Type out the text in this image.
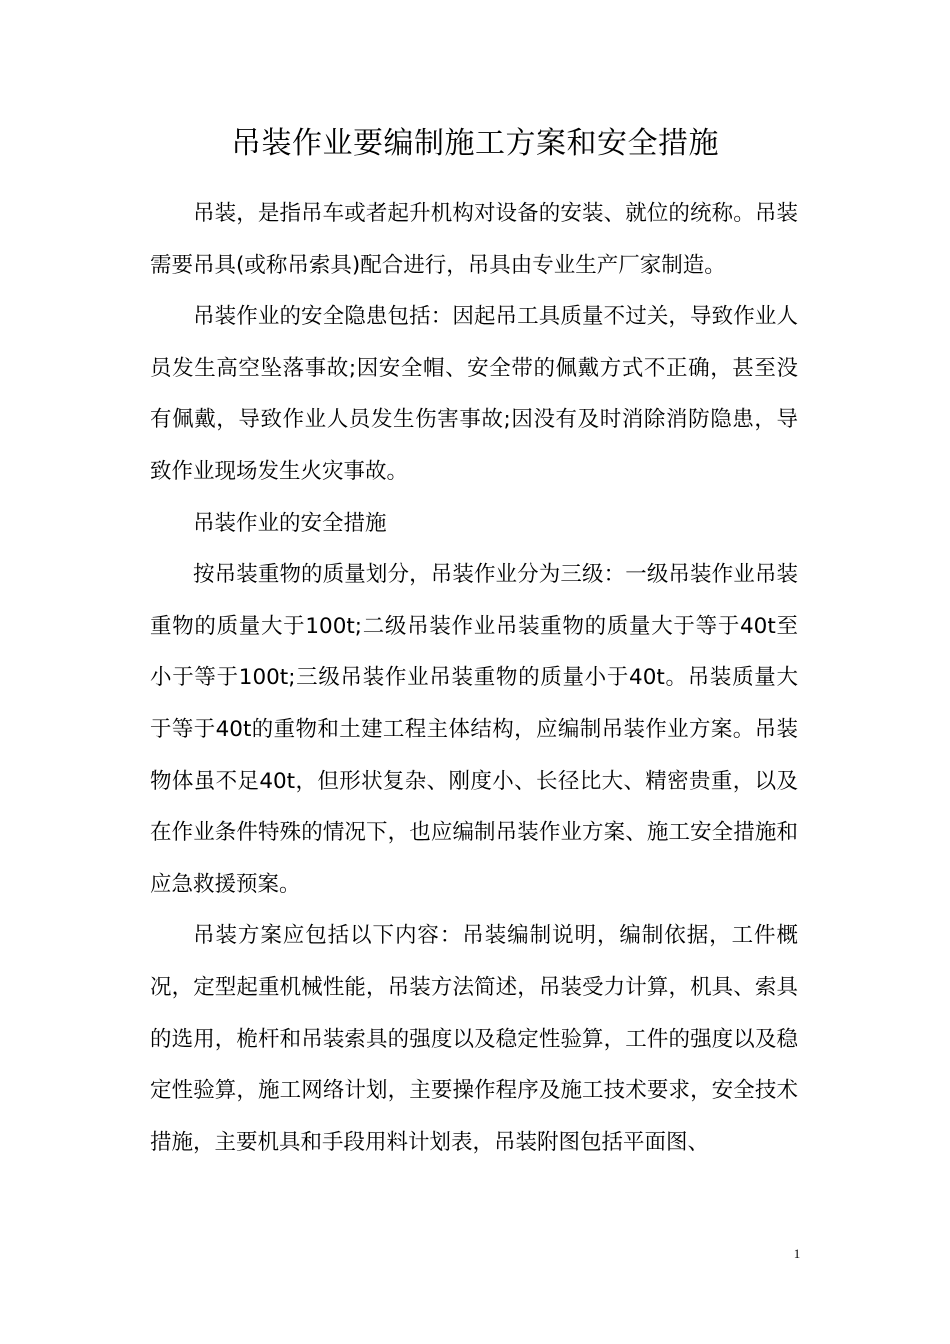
吊装作业要编制施工方案和安全措施

吊装，是指吊车或者起升机构对设备的安装、就位的统称。吊装需要吊具(或称吊索具)配合进行，吊具由专业生产厂家制造。

吊装作业的安全隐患包括：因起吊工具质量不过关，导致作业人员发生高空坠落事故;因安全帽、安全带的佩戴方式不正确，甚至没有佩戴，导致作业人员发生伤害事故;因没有及时消除消防隐患，导致作业现场发生火灾事故。

吊装作业的安全措施

按吊装重物的质量划分，吊装作业分为三级：一级吊装作业吊装重物的质量大于100t;二级吊装作业吊装重物的质量大于等于40t至小于等于100t;三级吊装作业吊装重物的质量小于40t。吊装质量大于等于40t的重物和土建工程主体结构，应编制吊装作业方案。吊装物体虽不足40t，但形状复杂、刚度小、长径比大、精密贵重，以及在作业条件特殊的情况下，也应编制吊装作业方案、施工安全措施和应急救援预案。

吊装方案应包括以下内容：吊装编制说明，编制依据，工件概况，定型起重机械性能，吊装方法简述，吊装受力计算，机具、索具的选用，桅杆和吊装索具的强度以及稳定性验算，工件的强度以及稳定性验算，施工网络计划，主要操作程序及施工技术要求，安全技术措施，主要机具和手段用料计划表，吊装附图包括平面图、

1
